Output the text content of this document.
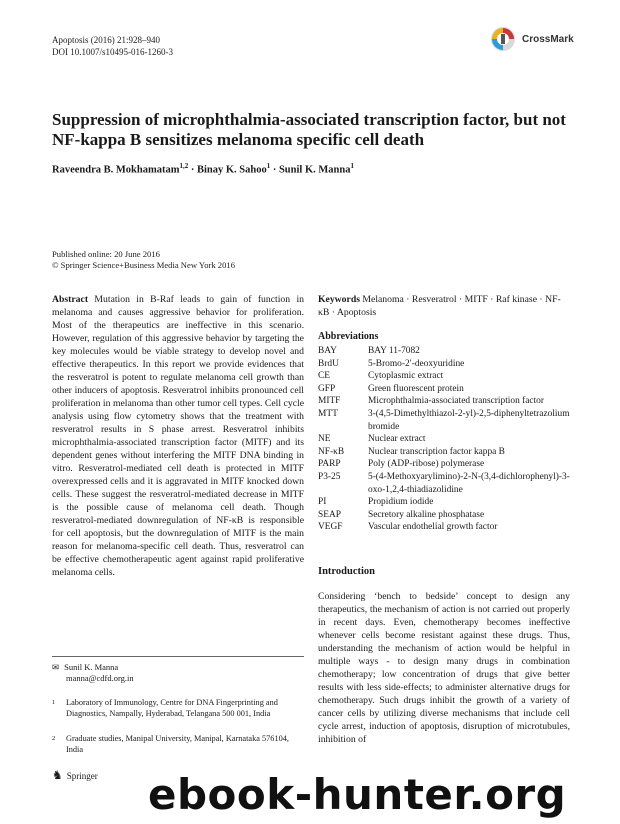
Apoptosis (2016) 21:928–940
DOI 10.1007/s10495-016-1260-3
CrossMark
Suppression of microphthalmia-associated transcription factor, but not NF-kappa B sensitizes melanoma specific cell death
Raveendra B. Mokhamatam$^{1,2}$ · Binay K. Sahoo$^1$ · Sunil K. Manna$^1$
Published online: 20 June 2016
© Springer Science+Business Media New York 2016
Abstract Mutation in B-Raf leads to gain of function in melanoma and causes aggressive behavior for proliferation. Most of the therapeutics are ineffective in this scenario. However, regulation of this aggressive behavior by targeting the key molecules would be viable strategy to develop novel and effective therapeutics. In this report we provide evidences that the resveratrol is potent to regulate melanoma cell growth than other inducers of apoptosis. Resveratrol inhibits pronounced cell proliferation in melanoma than other tumor cell types. Cell cycle analysis using flow cytometry shows that the treatment with resveratrol results in S phase arrest. Resveratrol inhibits microphthalmia-associated transcription factor (MITF) and its dependent genes without interfering the MITF DNA binding in vitro. Resveratrol-mediated cell death is protected in MITF overexpressed cells and it is aggravated in MITF knocked down cells. These suggest the resveratrol-mediated decrease in MITF is the possible cause of melanoma cell death. Though resveratrol-mediated downregulation of NF-κB is responsible for cell apoptosis, but the downregulation of MITF is the main reason for melanoma-specific cell death. Thus, resveratrol can be effective chemotherapeutic agent against rapid proliferative melanoma cells.
Keywords Melanoma · Resveratrol · MITF · Raf kinase · NF-κB · Apoptosis
Abbreviations
BAY	BAY 11-7082
BrdU	5-Bromo-2′-deoxyuridine
CE	Cytoplasmic extract
GFP	Green fluorescent protein
MITF	Microphthalmia-associated transcription factor
MTT	3-(4,5-Dimethylthiazol-2-yl)-2,5-diphenyltetrazolium bromide
NE	Nuclear extract
NF-κB	Nuclear transcription factor kappa B
PARP	Poly (ADP-ribose) polymerase
P3-25	5-(4-Methoxyarylimino)-2-N-(3,4-dichlorophenyl)-3-oxo-1,2,4-thiadiazolidine
PI	Propidium iodide
SEAP	Secretory alkaline phosphatase
VEGF	Vascular endothelial growth factor
Introduction
Considering ‘bench to bedside’ concept to design any therapeutics, the mechanism of action is not carried out properly in recent days. Even, chemotherapy becomes ineffective whenever cells become resistant against these drugs. Thus, understanding the mechanism of action would be helpful in multiple ways - to design many drugs in combination chemotherapy; low concentration of drugs that give better results with less side-effects; to administer alternative drugs for chemotherapy. Such drugs inhibit the growth of a variety of cancer cells by utilizing diverse mechanisms that include cell cycle arrest, induction of apoptosis, disruption of microtubules, inhibition of
✉ Sunil K. Manna
manna@cdfd.org.in
1	Laboratory of Immunology, Centre for DNA Fingerprinting and Diagnostics, Nampally, Hyderabad, Telangana 500 001, India
2	Graduate studies, Manipal University, Manipal, Karnataka 576104, India
♞ Springer ebook-hunter.org
